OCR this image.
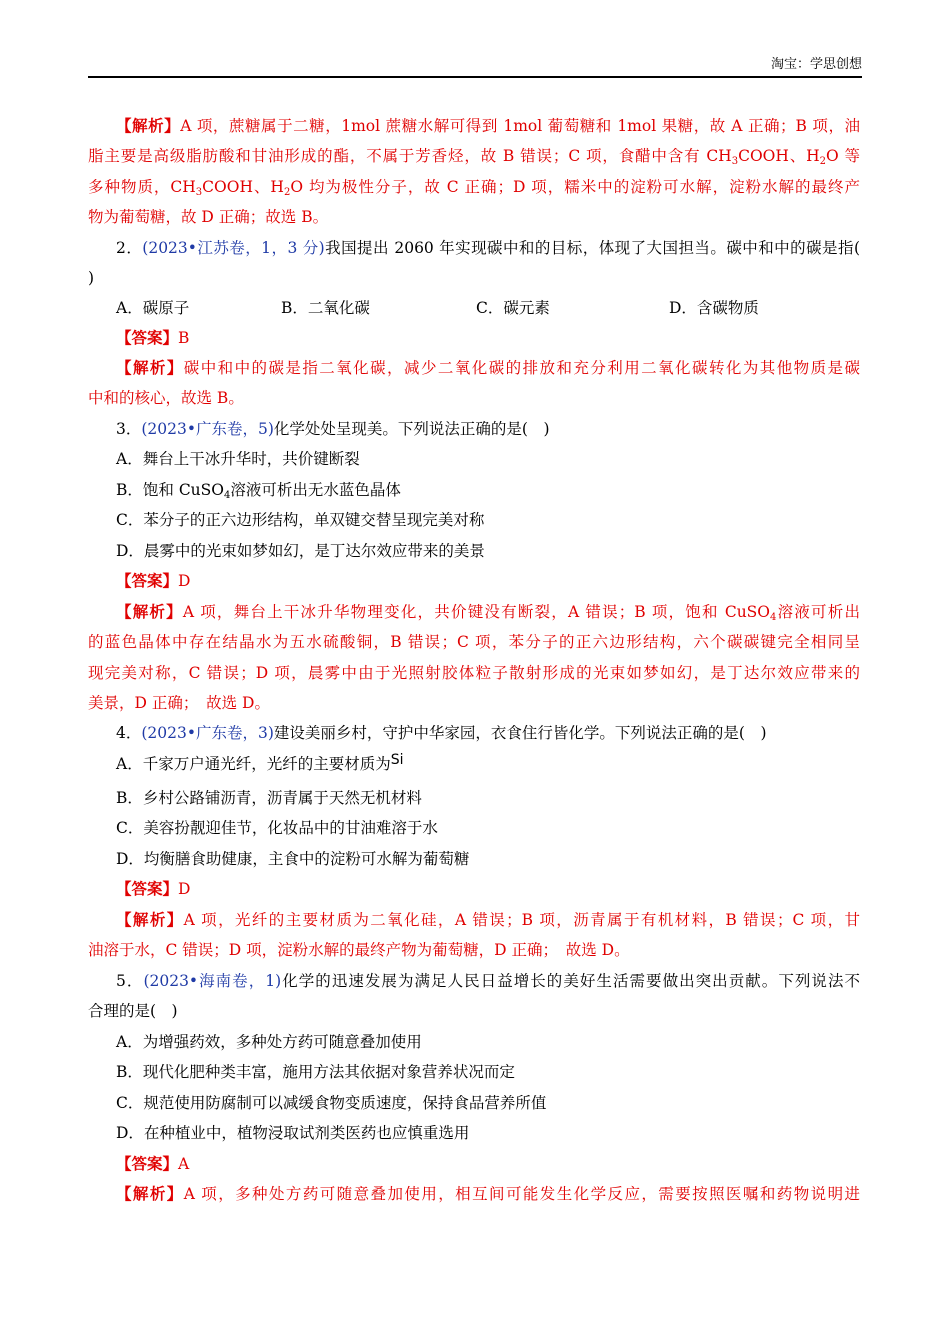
淘宝：学思创想
【解析】A 项，蔗糖属于二糖，1mol 蔗糖水解可得到 1mol 葡萄糖和 1mol 果糖，故 A 正确；B 项，油
脂主要是高级脂肪酸和甘油形成的酯，不属于芳香烃，故 B 错误；C 项，食醋中含有 $CH_3COOH$、$H_2O$ 等
多种物质，$CH_3COOH$、$H_2O$ 均为极性分子，故 C 正确；D 项，糯米中的淀粉可水解，淀粉水解的最终产
物为葡萄糖，故 D 正确；故选 B。
2．(2023•江苏卷，1，3 分)我国提出 2060 年实现碳中和的目标，体现了大国担当。碳中和中的碳是指(
)
A．碳原子	B．二氧化碳	C．碳元素	D．含碳物质
【答案】B
【解析】碳中和中的碳是指二氧化碳，减少二氧化碳的排放和充分利用二氧化碳转化为其他物质是碳
中和的核心，故选 B。
3．(2023•广东卷，5)化学处处呈现美。下列说法正确的是(　)
A．舞台上干冰升华时，共价键断裂
B．饱和 CuSO$_4$溶液可析出无水蓝色晶体
C．苯分子的正六边形结构，单双键交替呈现完美对称
D．晨雾中的光束如梦如幻，是丁达尔效应带来的美景
【答案】D
【解析】A 项，舞台上干冰升华物理变化，共价键没有断裂，A 错误；B 项，饱和 CuSO$_4$溶液可析出
的蓝色晶体中存在结晶水为五水硫酸铜，B 错误；C 项，苯分子的正六边形结构，六个碳碳键完全相同呈
现完美对称，C 错误；D 项，晨雾中由于光照射胶体粒子散射形成的光束如梦如幻，是丁达尔效应带来的
美景，D 正确；　故选 D。
4．(2023•广东卷，3)建设美丽乡村，守护中华家园，衣食住行皆化学。下列说法正确的是(　)
A．千家万户通光纤，光纤的主要材质为Si
B．乡村公路铺沥青，沥青属于天然无机材料
C．美容扮靓迎佳节，化妆品中的甘油难溶于水
D．均衡膳食助健康，主食中的淀粉可水解为葡萄糖
【答案】D
【解析】A 项，光纤的主要材质为二氧化硅，A 错误；B 项，沥青属于有机材料，B 错误；C 项，甘
油溶于水，C 错误；D 项，淀粉水解的最终产物为葡萄糖，D 正确；　故选 D。
5．(2023•海南卷，1)化学的迅速发展为满足人民日益增长的美好生活需要做出突出贡献。下列说法不
合理的是(　)
A．为增强药效，多种处方药可随意叠加使用
B．现代化肥种类丰富，施用方法其依据对象营养状况而定
C．规范使用防腐制可以减缓食物变质速度，保持食品营养所值
D．在种植业中，植物浸取试剂类医药也应慎重选用
【答案】A
【解析】A 项，多种处方药可随意叠加使用，相互间可能发生化学反应，需要按照医嘱和药物说明进
